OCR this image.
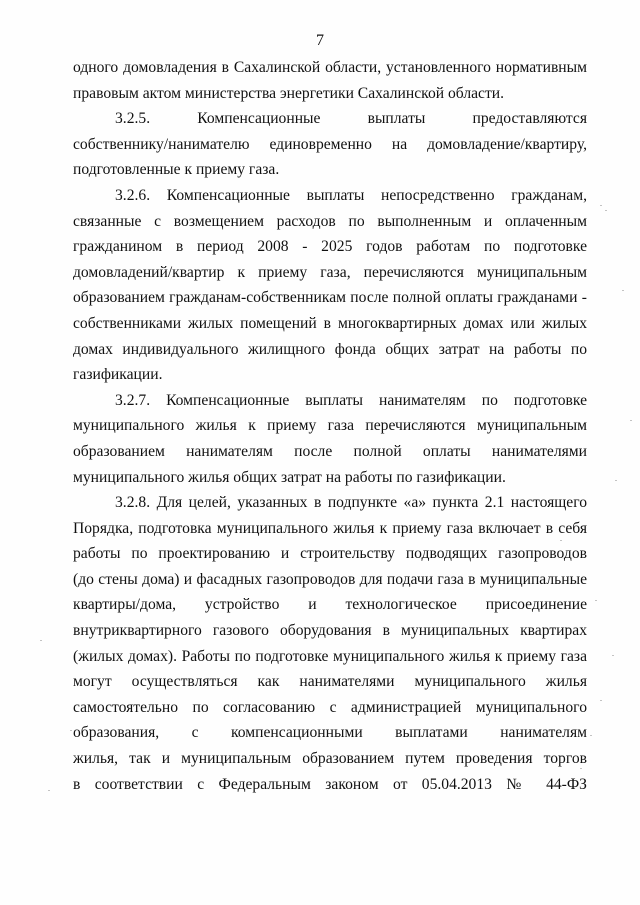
7
одного домовладения в Сахалинской области, установленного нормативным
правовым актом министерства энергетики Сахалинской области.
3.2.5. Компенсационные выплаты предоставляются
собственнику/нанимателю единовременно на домовладение/квартиру,
подготовленные к приему газа.
3.2.6. Компенсационные выплаты непосредственно гражданам,
связанные с возмещением расходов по выполненным и оплаченным
гражданином в период 2008 - 2025 годов работам по подготовке
домовладений/квартир к приему газа, перечисляются муниципальным
образованием гражданам-собственникам после полной оплаты гражданами -
собственниками жилых помещений в многоквартирных домах или жилых
домах индивидуального жилищного фонда общих затрат на работы по
газификации.
3.2.7. Компенсационные выплаты нанимателям по подготовке
муниципального жилья к приему газа перечисляются муниципальным
образованием нанимателям после полной оплаты нанимателями
муниципального жилья общих затрат на работы по газификации.
3.2.8. Для целей, указанных в подпункте «а» пункта 2.1 настоящего
Порядка, подготовка муниципального жилья к приему газа включает в себя
работы по проектированию и строительству подводящих газопроводов
(до стены дома) и фасадных газопроводов для подачи газа в муниципальные
квартиры/дома, устройство и технологическое присоединение
внутриквартирного газового оборудования в муниципальных квартирах
(жилых домах). Работы по подготовке муниципального жилья к приему газа
могут осуществляться как нанимателями муниципального жилья
самостоятельно по согласованию с администрацией муниципального
образования, с компенсационными выплатами нанимателям
жилья, так и муниципальным образованием путем проведения торгов
в соответствии с Федеральным законом от 05.04.2013 № 44-ФЗ
